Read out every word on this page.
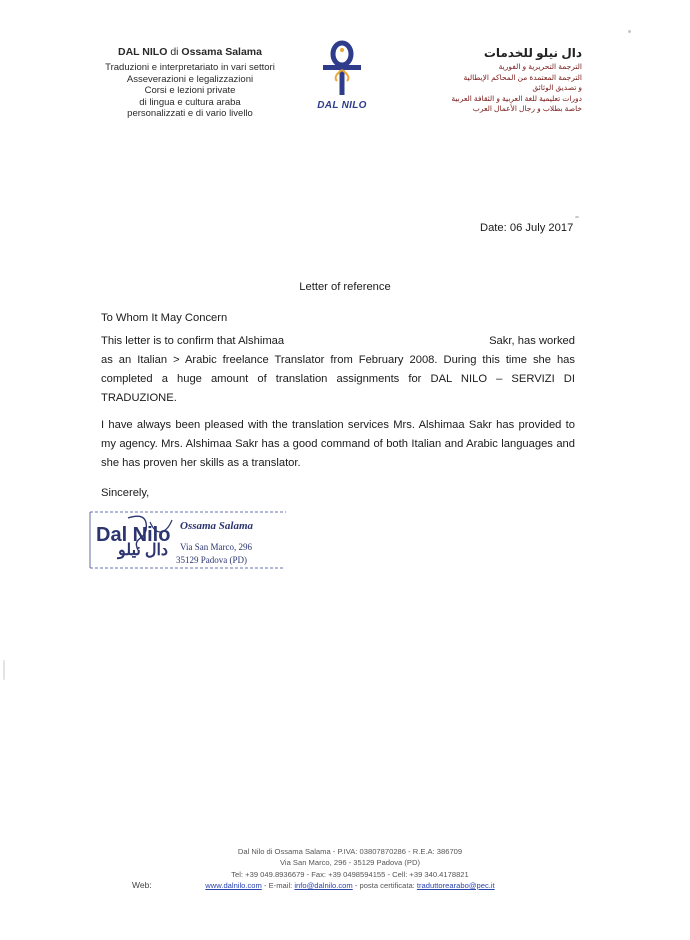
DAL NILO di Ossama Salama
Traduzioni e interpretariato in vari settori
Asseverazioni e legalizzazioni
Corsi e lezioni private
di lingua e cultura araba
personalizzati e di vario livello
DAL NILO
دال نيلو للخدمات
الترجمة التحريرية و الفورية
الترجمة المعتمدة من المحاكم الإيطالية
و تصديق الوثائق
دورات تعليمية للغة العربية و الثقافة العربية
خاصة بطلاب و رجال الأعمال العرب
Date: 06 July 2017
Letter of reference
To Whom It May Concern
This letter is to confirm that Alshimaa	Sakr, has worked as an Italian > Arabic freelance Translator from February 2008. During this time she has completed a huge amount of translation assignments for DAL NILO – SERVIZI DI TRADUZIONE.
I have always been pleased with the translation services Mrs. Alshimaa Sakr has provided to my agency. Mrs. Alshimaa Sakr has a good command of both Italian and Arabic languages and she has proven her skills as a translator.
Sincerely,
Dal Nilo
دال نيلو
Ossama Salama
Via San Marco, 296
35129 Padova (PD)
Dal Nilo di Ossama Salama - P.IVA: 03807870286 - R.E.A: 386709
Via San Marco, 296 - 35129 Padova (PD)
Tel: +39 049.8936679 - Fax: +39 0498594155 - Cell: +39 340.4178821
www.dalnilo.com - E-mail: info@dalnilo.com - posta certificata: traduttorearabo@pec.it
Web:
